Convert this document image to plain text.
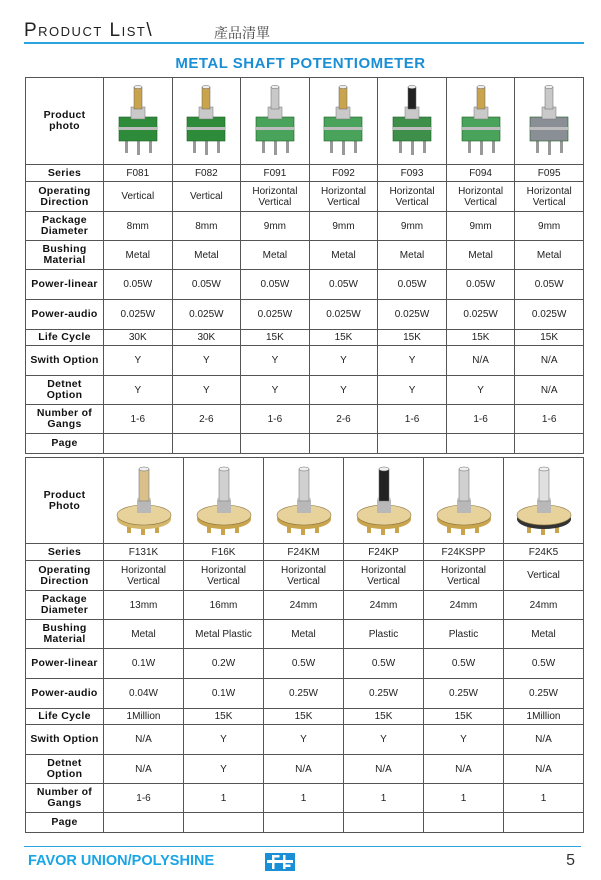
Product List\	產品清單
METAL SHAFT POTENTIOMETER
Product photo	

Series	F081	F082	F091	F092	F093	F094	F095
Operating Direction	Vertical	Vertical	Horizontal Vertical	Horizontal Vertical	Horizontal Vertical	Horizontal Vertical	Horizontal Vertical
Package Diameter	8mm	8mm	9mm	9mm	9mm	9mm	9mm
Bushing Material	Metal	Metal	Metal	Metal	Metal	Metal	Metal
Power-linear	0.05W	0.05W	0.05W	0.05W	0.05W	0.05W	0.05W
Power-audio	0.025W	0.025W	0.025W	0.025W	0.025W	0.025W	0.025W
Life Cycle	30K	30K	15K	15K	15K	15K	15K
Swith Option	Y	Y	Y	Y	Y	N/A	N/A
Detnet Option	Y	Y	Y	Y	Y	Y	N/A
Number of Gangs	1-6	2-6	1-6	2-6	1-6	1-6	1-6
Page							
Product Photo	

Series	F131K	F16K	F24KM	F24KP	F24KSPP	F24K5
Operating Direction	Horizontal Vertical	Horizontal Vertical	Horizontal Vertical	Horizontal Vertical	Horizontal Vertical	Vertical
Package Diameter	13mm	16mm	24mm	24mm	24mm	24mm
Bushing Material	Metal	Metal Plastic	Metal	Plastic	Plastic	Metal
Power-linear	0.1W	0.2W	0.5W	0.5W	0.5W	0.5W
Power-audio	0.04W	0.1W	0.25W	0.25W	0.25W	0.25W
Life Cycle	1Million	15K	15K	15K	15K	1Million
Swith Option	N/A	Y	Y	Y	Y	N/A
Detnet Option	N/A	Y	N/A	N/A	N/A	N/A
Number of Gangs	1-6	1	1	1	1	1
Page						
FAVOR UNION/POLYSHINE	5
